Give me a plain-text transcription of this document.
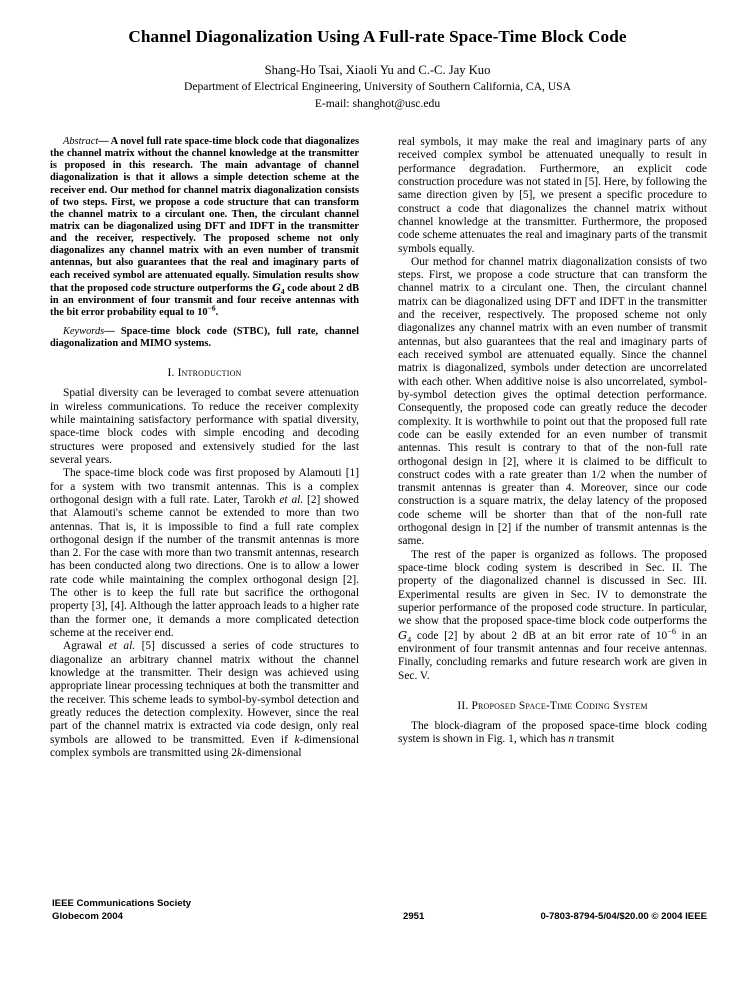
Channel Diagonalization Using A Full-rate Space-Time Block Code
Shang-Ho Tsai, Xiaoli Yu and C.-C. Jay Kuo
Department of Electrical Engineering, University of Southern California, CA, USA
E-mail: shanghot@usc.edu

Abstract— A novel full rate space-time block code that diagonalizes the channel matrix without the channel knowledge at the transmitter is proposed in this research. The main advantage of channel diagonalization is that it allows a simple detection scheme at the receiver end. Our method for channel matrix diagonalization consists of two steps. First, we propose a code structure that can transform the channel matrix to a circulant one. Then, the circulant channel matrix can be diagonalized using DFT and IDFT in the transmitter and the receiver, respectively. The proposed scheme not only diagonalizes any channel matrix with an even number of transmit antennas, but also guarantees that the real and imaginary parts of each received symbol are attenuated equally. Simulation results show that the proposed code structure outperforms the $G_4$ code about 2 dB in an environment of four transmit and four receive antennas with the bit error probability equal to $10^{-6}$.

Keywords— Space-time block code (STBC), full rate, channel diagonalization and MIMO systems.

I. Introduction

Spatial diversity can be leveraged to combat severe attenuation in wireless communications. To reduce the receiver complexity while maintaining satisfactory performance with spatial diversity, space-time block codes with simple encoding and decoding structures were proposed and extensively studied for the last several years.

The space-time block code was first proposed by Alamouti [1] for a system with two transmit antennas. This is a complex orthogonal design with a full rate. Later, Tarokh et al. [2] showed that Alamouti's scheme cannot be extended to more than two antennas. That is, it is impossible to find a full rate complex orthogonal design if the number of the transmit antennas is more than 2. For the case with more than two transmit antennas, research has been conducted along two directions. One is to allow a lower rate code while maintaining the complex orthogonal design [2]. The other is to keep the full rate but sacrifice the orthogonal property [3], [4]. Although the latter approach leads to a higher rate than the former one, it demands a more complicated detection scheme at the receiver end.

Agrawal et al. [5] discussed a series of code structures to diagonalize an arbitrary channel matrix without the channel knowledge at the transmitter. Their design was achieved using appropriate linear processing techniques at both the transmitter and the receiver. This scheme leads to symbol-by-symbol detection and greatly reduces the detection complexity. However, since the real part of the channel matrix is extracted via code design, only real symbols are allowed to be transmitted. Even if k-dimensional complex symbols are transmitted using 2k-dimensional

real symbols, it may make the real and imaginary parts of any received complex symbol be attenuated unequally to result in performance degradation. Furthermore, an explicit code construction procedure was not stated in [5]. Here, by following the same direction given by [5], we present a specific procedure to construct a code that diagonalizes the channel matrix without channel knowledge at the transmitter. Furthermore, the proposed code scheme attenuates the real and imaginary parts of the transmit symbols equally.

Our method for channel matrix diagonalization consists of two steps. First, we propose a code structure that can transform the channel matrix to a circulant one. Then, the circulant channel matrix can be diagonalized using DFT and IDFT in the transmitter and the receiver, respectively. The proposed scheme not only diagonalizes any channel matrix with an even number of transmit antennas, but also guarantees that the real and imaginary parts of each received symbol are attenuated equally. Since the channel matrix is diagonalized, symbols under detection are uncorrelated with each other. When additive noise is also uncorrelated, symbol-by-symbol detection gives the optimal detection performance. Consequently, the proposed code can greatly reduce the decoder complexity. It is worthwhile to point out that the proposed full rate code can be easily extended for an even number of transmit antennas. This result is contrary to that of the non-full rate orthogonal design in [2], where it is claimed to be difficult to construct codes with a rate greater than 1/2 when the number of transmit antennas is greater than 4. Moreover, since our code construction is a square matrix, the delay latency of the proposed code scheme will be shorter than that of the non-full rate orthogonal design in [2] if the number of transmit antennas is the same.

The rest of the paper is organized as follows. The proposed space-time block coding system is described in Sec. II. The property of the diagonalized channel is discussed in Sec. III. Experimental results are given in Sec. IV to demonstrate the superior performance of the proposed code structure. In particular, we show that the proposed space-time block code outperforms the $G_4$ code [2] by about 2 dB at an bit error rate of $10^{-6}$ in an environment of four transmit antennas and four receive antennas. Finally, concluding remarks and future research work are given in Sec. V.

II. Proposed Space-Time Coding System

The block-diagram of the proposed space-time block coding system is shown in Fig. 1, which has n transmit

IEEE Communications Society
Globecom 2004	2951	0-7803-8794-5/04/$20.00 © 2004 IEEE
